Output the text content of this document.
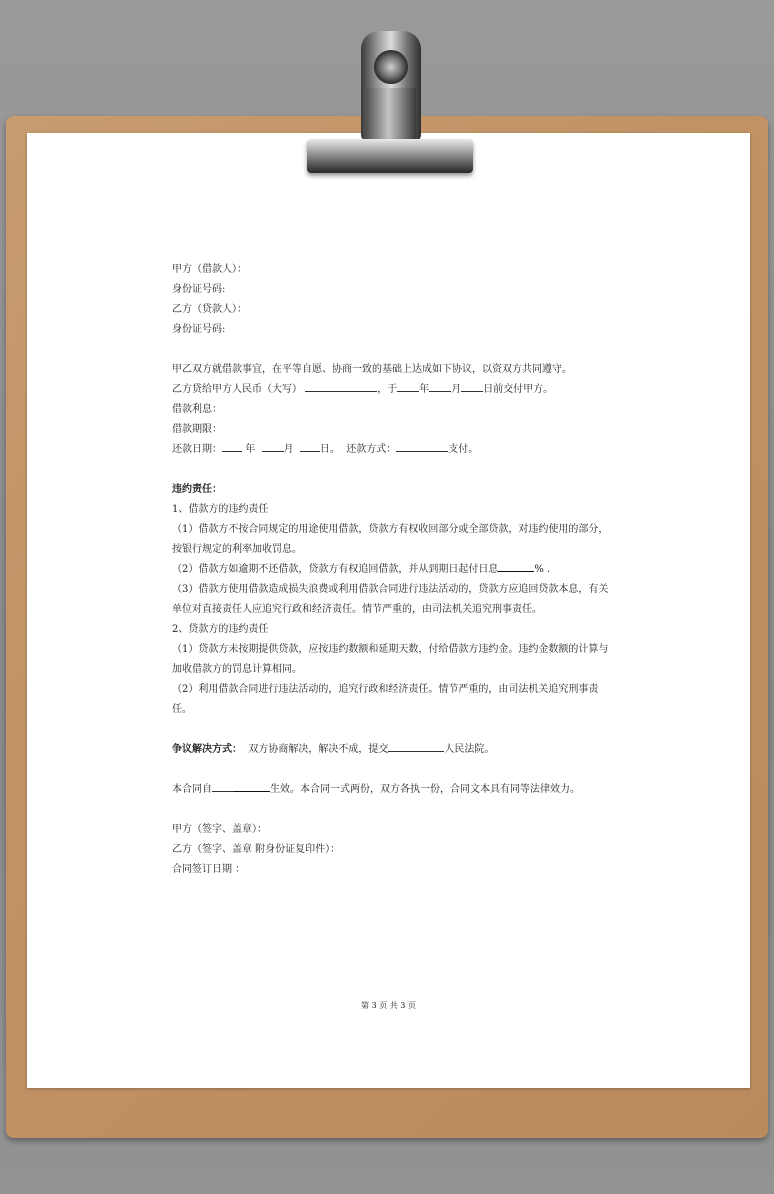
甲方（借款人）：
身份证号码:
乙方（贷款人）：
身份证号码:
甲乙双方就借款事宜，在平等自愿、协商一致的基础上达成如下协议，以资双方共同遵守。
乙方贷给甲方人民币（大写）	，于 年 月 日前交付甲方。
借款利息：
借款期限：
还款日期： 年	月	日。 还款方式：	支付。
违约责任：
1、借款方的违约责任
（1）借款方不按合同规定的用途使用借款，贷款方有权收回部分或全部贷款，对违约使用的部分，按银行规定的利率加收罚息。
（2）借款方如逾期不还借款，贷款方有权追回借款，并从到期日起付日息	% .
（3）借款方使用借款造成损失浪费或利用借款合同进行违法活动的，贷款方应追回贷款本息，有关单位对直接责任人应追究行政和经济责任。情节严重的，由司法机关追究刑事责任。
2、贷款方的违约责任
（1）贷款方未按期提供贷款，应按违约数额和延期天数，付给借款方违约金。违约金数额的计算与加收借款方的罚息计算相同。
（2）利用借款合同进行违法活动的，追究行政和经济责任。情节严重的，由司法机关追究刑事责任。
争议解决方式： 双方协商解决，解决不成，提交	人民法院。
本合同自	生效。本合同一式两份，双方各执一份，合同文本具有同等法律效力。
甲方（签字、盖章）：
乙方（签字、盖章 附身份证复印件）：
合同签订日期 ：
第 3 页 共 3 页
